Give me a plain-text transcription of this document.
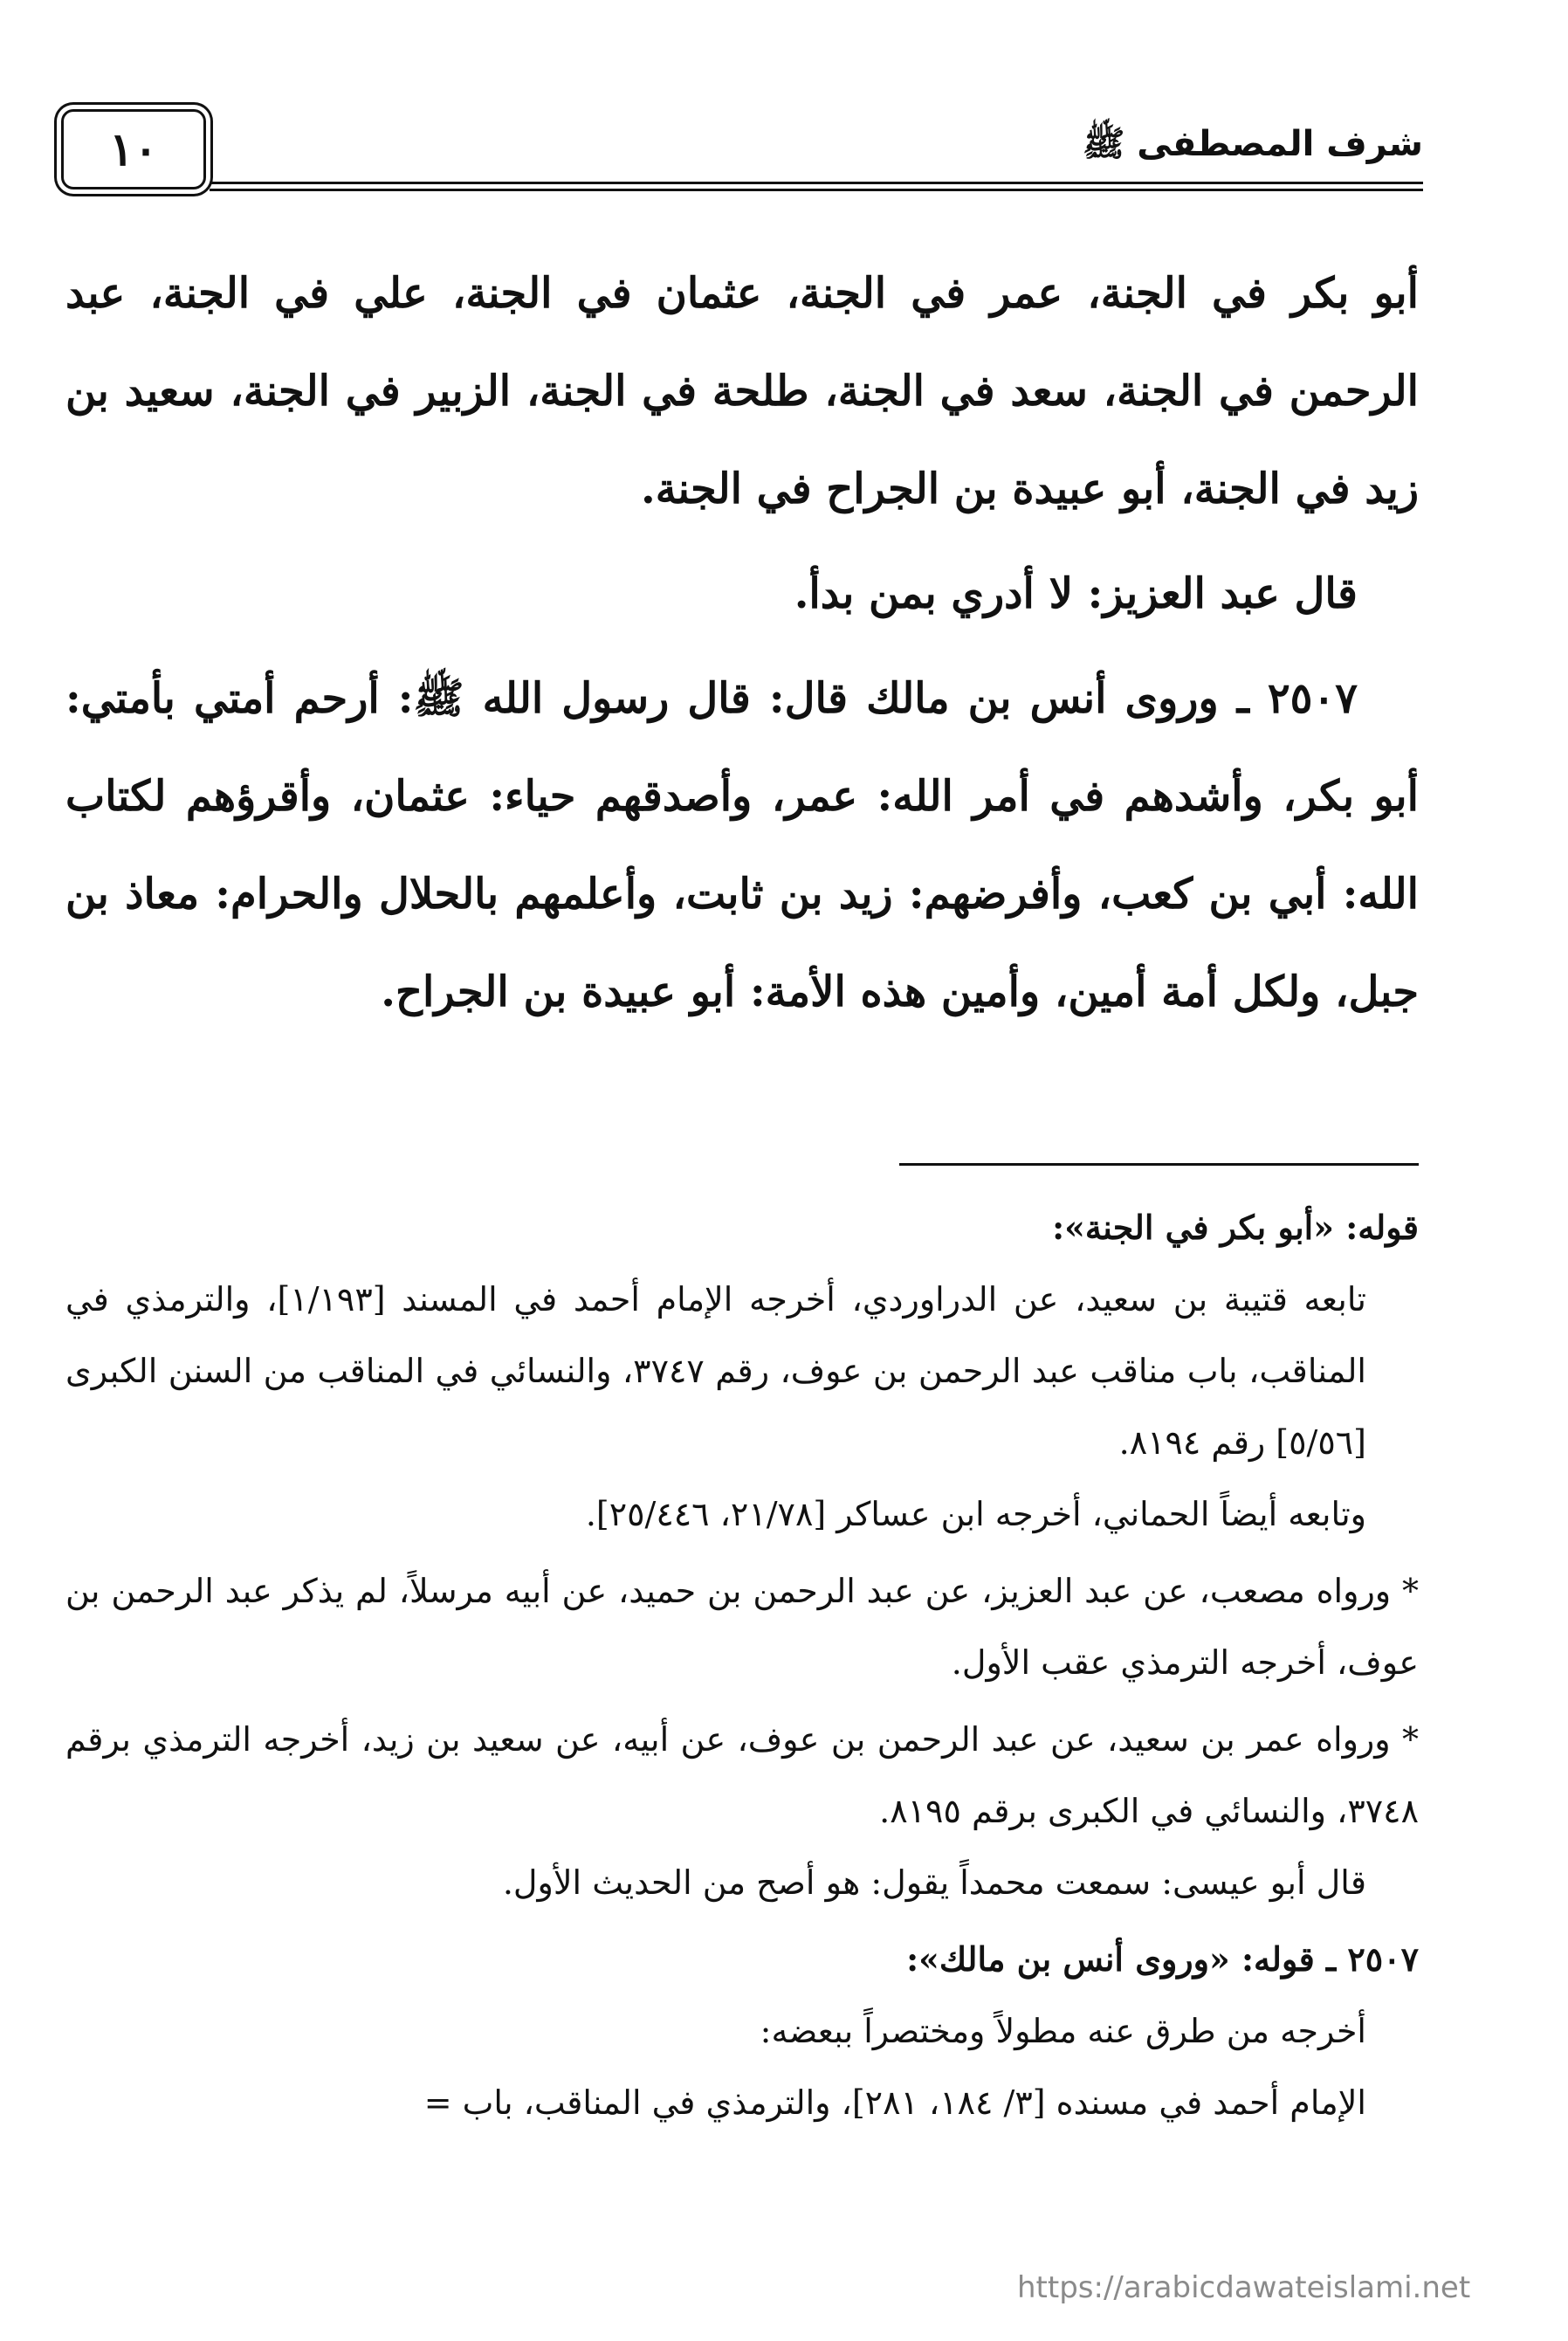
شرف المصطفى ﷺ
١٠

أبو بكر في الجنة، عمر في الجنة، عثمان في الجنة، علي في الجنة، عبد الرحمن في الجنة، سعد في الجنة، طلحة في الجنة، الزبير في الجنة، سعيد بن زيد في الجنة، أبو عبيدة بن الجراح في الجنة.

قال عبد العزيز: لا أدري بمن بدأ.

٢٥٠٧ ـ وروى أنس بن مالك قال: قال رسول الله ﷺ: أرحم أمتي بأمتي: أبو بكر، وأشدهم في أمر الله: عمر، وأصدقهم حياء: عثمان، وأقرؤهم لكتاب الله: أبي بن كعب، وأفرضهم: زيد بن ثابت، وأعلمهم بالحلال والحرام: معاذ بن جبل، ولكل أمة أمين، وأمين هذه الأمة: أبو عبيدة بن الجراح.

قوله: «أبو بكر في الجنة»:

تابعه قتيبة بن سعيد، عن الدراوردي، أخرجه الإمام أحمد في المسند [١/١٩٣]، والترمذي في المناقب، باب مناقب عبد الرحمن بن عوف، رقم ٣٧٤٧، والنسائي في المناقب من السنن الكبرى [٥/٥٦] رقم ٨١٩٤.

وتابعه أيضاً الحماني، أخرجه ابن عساكر [٢١/٧٨، ٢٥/٤٤٦].

* ورواه مصعب، عن عبد العزيز، عن عبد الرحمن بن حميد، عن أبيه مرسلاً، لم يذكر عبد الرحمن بن عوف، أخرجه الترمذي عقب الأول.

* ورواه عمر بن سعيد، عن عبد الرحمن بن عوف، عن أبيه، عن سعيد بن زيد، أخرجه الترمذي برقم ٣٧٤٨، والنسائي في الكبرى برقم ٨١٩٥.

قال أبو عيسى: سمعت محمداً يقول: هو أصح من الحديث الأول.

٢٥٠٧ ـ قوله: «وروى أنس بن مالك»:

أخرجه من طرق عنه مطولاً ومختصراً ببعضه:

الإمام أحمد في مسنده [٣/ ١٨٤، ٢٨١]، والترمذي في المناقب، باب =

https://arabicdawateislami.net
